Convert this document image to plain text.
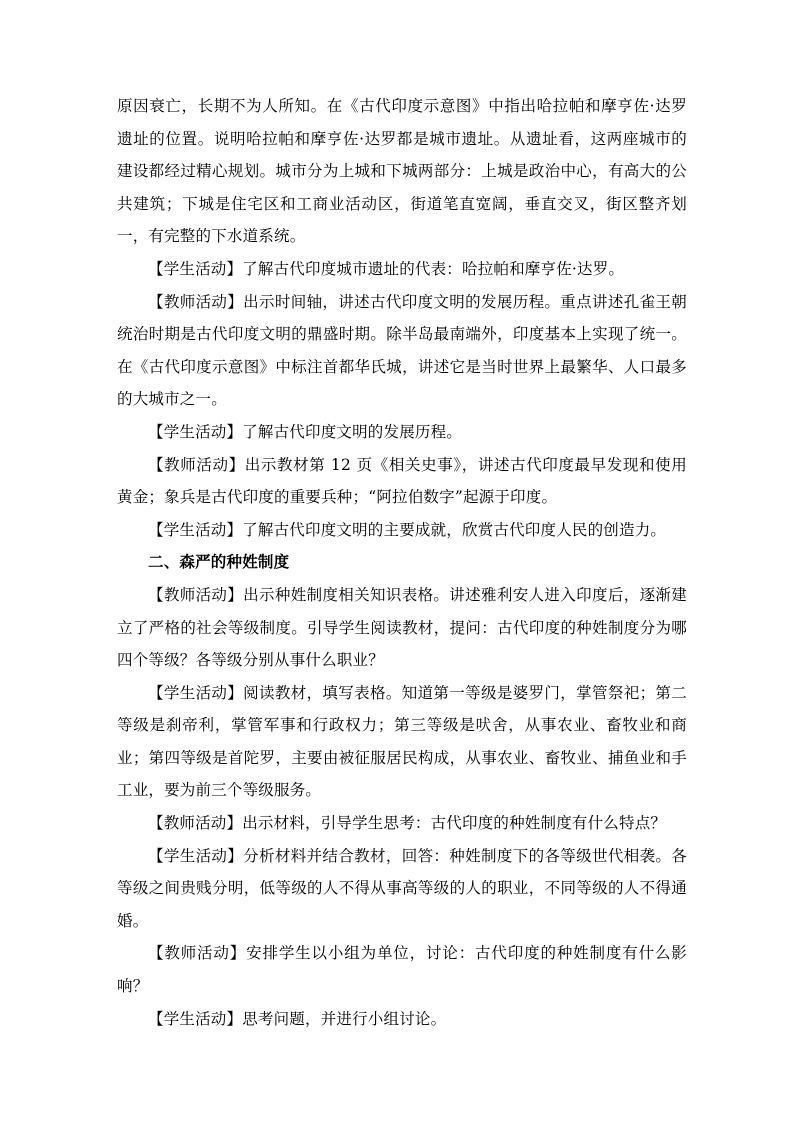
原因衰亡，长期不为人所知。在《古代印度示意图》中指出哈拉帕和摩亨佐·达罗遗址的位置。说明哈拉帕和摩亨佐·达罗都是城市遗址。从遗址看，这两座城市的建设都经过精心规划。城市分为上城和下城两部分：上城是政治中心，有高大的公共建筑；下城是住宅区和工商业活动区，街道笔直宽阔，垂直交叉，街区整齐划一，有完整的下水道系统。

【学生活动】了解古代印度城市遗址的代表：哈拉帕和摩亨佐·达罗。

【教师活动】出示时间轴，讲述古代印度文明的发展历程。重点讲述孔雀王朝统治时期是古代印度文明的鼎盛时期。除半岛最南端外，印度基本上实现了统一。在《古代印度示意图》中标注首都华氏城，讲述它是当时世界上最繁华、人口最多的大城市之一。

【学生活动】了解古代印度文明的发展历程。

【教师活动】出示教材第 12 页《相关史事》，讲述古代印度最早发现和使用黄金；象兵是古代印度的重要兵种；“阿拉伯数字”起源于印度。

【学生活动】了解古代印度文明的主要成就，欣赏古代印度人民的创造力。

二、森严的种姓制度

【教师活动】出示种姓制度相关知识表格。讲述雅利安人进入印度后，逐渐建立了严格的社会等级制度。引导学生阅读教材，提问：古代印度的种姓制度分为哪四个等级？各等级分别从事什么职业？

【学生活动】阅读教材，填写表格。知道第一等级是婆罗门，掌管祭祀；第二等级是刹帝利，掌管军事和行政权力；第三等级是吠舍，从事农业、畜牧业和商业；第四等级是首陀罗，主要由被征服居民构成，从事农业、畜牧业、捕鱼业和手工业，要为前三个等级服务。

【教师活动】出示材料，引导学生思考：古代印度的种姓制度有什么特点？

【学生活动】分析材料并结合教材，回答：种姓制度下的各等级世代相袭。各等级之间贵贱分明，低等级的人不得从事高等级的人的职业，不同等级的人不得通婚。

【教师活动】安排学生以小组为单位，讨论：古代印度的种姓制度有什么影响？

【学生活动】思考问题，并进行小组讨论。
